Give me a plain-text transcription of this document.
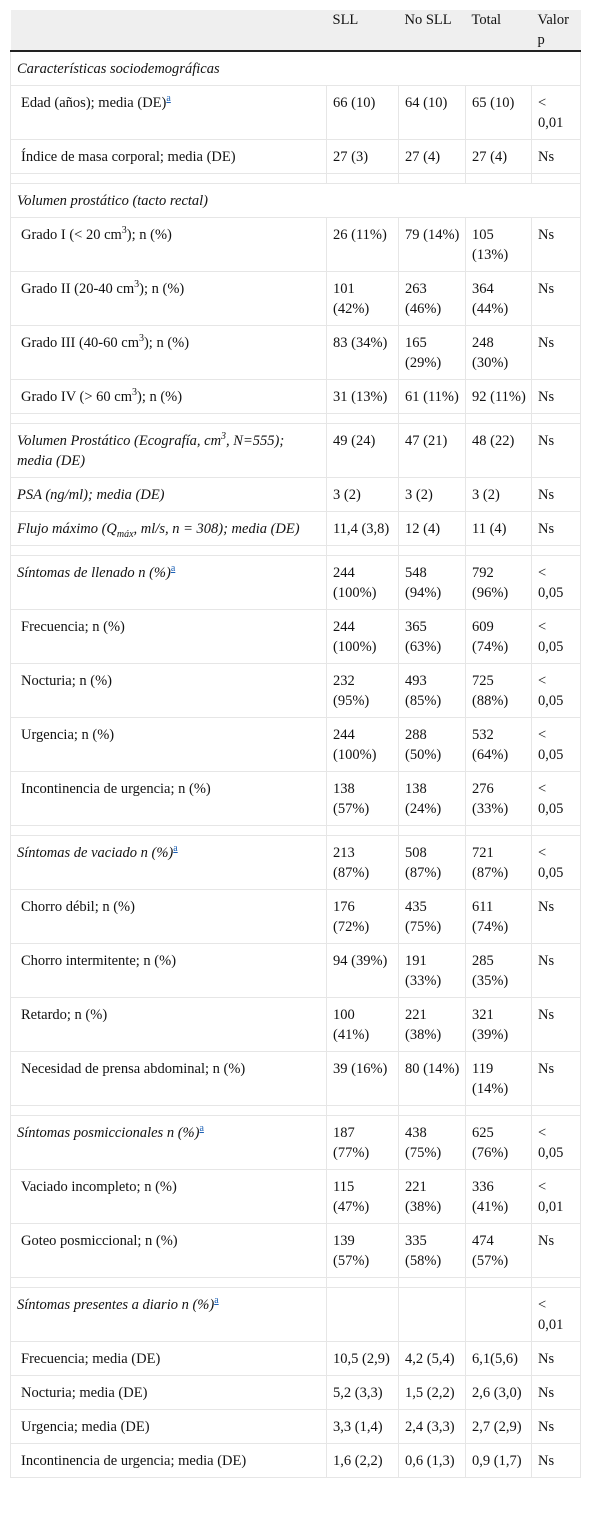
	SLL	No SLL	Total	Valor p
Características sociodemográficas				
Edad (años); media (DE)$^a$	66 (10)	64 (10)	65 (10)	< 0,01
Índice de masa corporal; media (DE)	27 (3)	27 (4)	27 (4)	Ns

Volumen prostático (tacto rectal)				
Grado I (< 20 $cm^3$); n (%)	26 (11%)	79 (14%)	105 (13%)	Ns
Grado II (20-40 $cm^3$); n (%)	101 (42%)	263 (46%)	364 (44%)	Ns
Grado III (40-60 $cm^3$); n (%)	83 (34%)	165 (29%)	248 (30%)	Ns
Grado IV (> 60 $cm^3$); n (%)	31 (13%)	61 (11%)	92 (11%)	Ns

Volumen Prostático (Ecografía, $cm^3$, N=555); media (DE)	49 (24)	47 (21)	48 (22)	Ns
PSA (ng/ml); media (DE)	3 (2)	3 (2)	3 (2)	Ns
Flujo máximo ($Q_{máx}$, ml/s, n = 308); media (DE)	11,4 (3,8)	12 (4)	11 (4)	Ns

Síntomas de llenado n (%)$^a$	244 (100%)	548 (94%)	792 (96%)	< 0,05
Frecuencia; n (%)	244 (100%)	365 (63%)	609 (74%)	< 0,05
Nocturia; n (%)	232 (95%)	493 (85%)	725 (88%)	< 0,05
Urgencia; n (%)	244 (100%)	288 (50%)	532 (64%)	< 0,05
Incontinencia de urgencia; n (%)	138 (57%)	138 (24%)	276 (33%)	< 0,05

Síntomas de vaciado n (%)$^a$	213 (87%)	508 (87%)	721 (87%)	< 0,05
Chorro débil; n (%)	176 (72%)	435 (75%)	611 (74%)	Ns
Chorro intermitente; n (%)	94 (39%)	191 (33%)	285 (35%)	Ns
Retardo; n (%)	100 (41%)	221 (38%)	321 (39%)	Ns
Necesidad de prensa abdominal; n (%)	39 (16%)	80 (14%)	119 (14%)	Ns

Síntomas posmiccionales n (%)$^a$	187 (77%)	438 (75%)	625 (76%)	< 0,05
Vaciado incompleto; n (%)	115 (47%)	221 (38%)	336 (41%)	< 0,01
Goteo posmiccional; n (%)	139 (57%)	335 (58%)	474 (57%)	Ns

Síntomas presentes a diario n (%)$^a$				< 0,01
Frecuencia; media (DE)	10,5 (2,9)	4,2 (5,4)	6,1(5,6)	Ns
Nocturia; media (DE)	5,2 (3,3)	1,5 (2,2)	2,6 (3,0)	Ns
Urgencia; media (DE)	3,3 (1,4)	2,4 (3,3)	2,7 (2,9)	Ns
Incontinencia de urgencia; media (DE)	1,6 (2,2)	0,6 (1,3)	0,9 (1,7)	Ns
